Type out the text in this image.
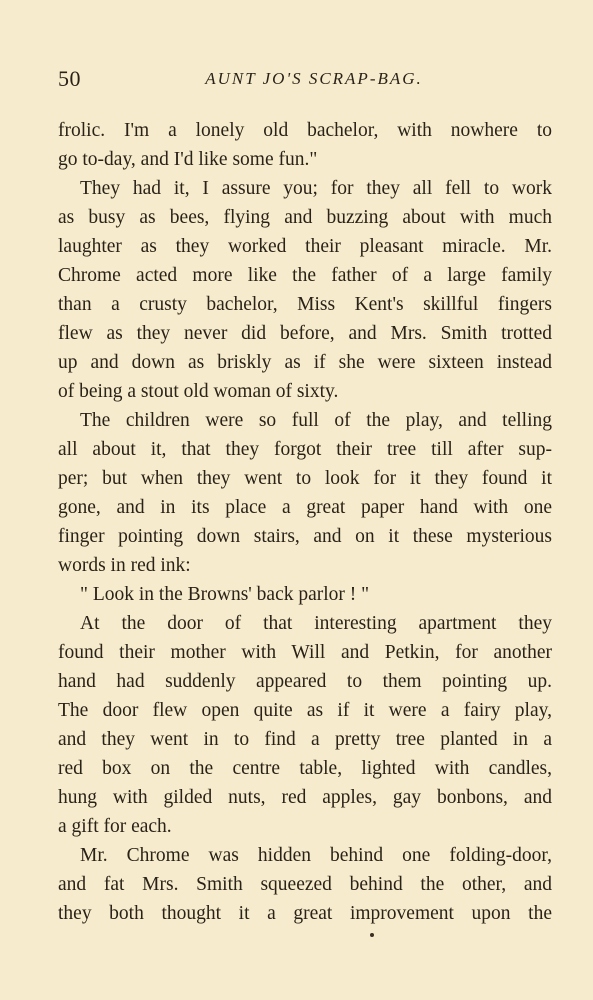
50	AUNT JO'S SCRAP-BAG.
frolic. I'm a lonely old bachelor, with nowhere to
go to-day, and I'd like some fun."
They had it, I assure you; for they all fell to work
as busy as bees, flying and buzzing about with much
laughter as they worked their pleasant miracle. Mr.
Chrome acted more like the father of a large family
than a crusty bachelor, Miss Kent's skillful fingers
flew as they never did before, and Mrs. Smith trotted
up and down as briskly as if she were sixteen instead
of being a stout old woman of sixty.
The children were so full of the play, and telling
all about it, that they forgot their tree till after sup-
per; but when they went to look for it they found it
gone, and in its place a great paper hand with one
finger pointing down stairs, and on it these mysterious
words in red ink:
" Look in the Browns' back parlor ! "
At the door of that interesting apartment they
found their mother with Will and Petkin, for another
hand had suddenly appeared to them pointing up.
The door flew open quite as if it were a fairy play,
and they went in to find a pretty tree planted in a
red box on the centre table, lighted with candles,
hung with gilded nuts, red apples, gay bonbons, and
a gift for each.
Mr. Chrome was hidden behind one folding-door,
and fat Mrs. Smith squeezed behind the other, and
they both thought it a great improvement upon the
